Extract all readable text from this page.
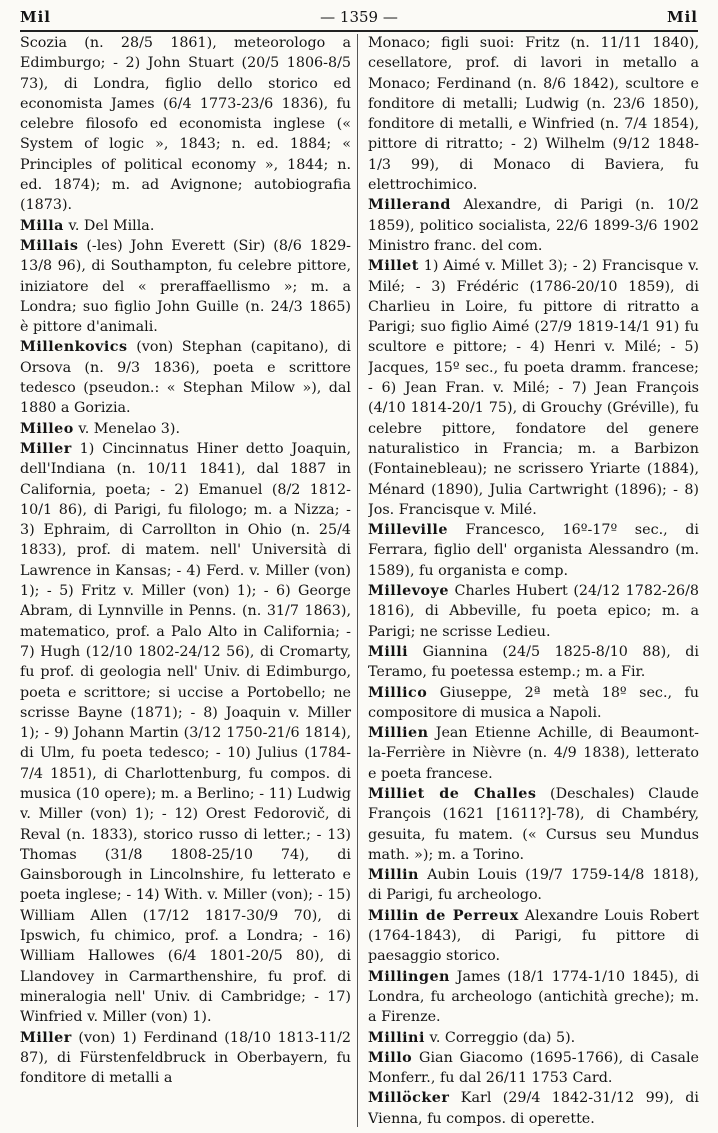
Mil	— 1359 —	Mil

Scozia (n. 28/5 1861), meteorologo a Edimburgo; - 2) John Stuart (20/5 1806-8/5 73), di Londra, figlio dello storico ed economista James (6/4 1773-23/6 1836), fu celebre filosofo ed economista inglese (« System of logic », 1843; n. ed. 1884; « Principles of political economy », 1844; n. ed. 1874); m. ad Avignone; autobiografia (1873).

Milla v. Del Milla.

Millais (-les) John Everett (Sir) (8/6 1829-13/8 96), di Southampton, fu celebre pittore, iniziatore del « preraffaellismo »; m. a Londra; suo figlio John Guille (n. 24/3 1865) è pittore d'animali.

Millenkovics (von) Stephan (capitano), di Orsova (n. 9/3 1836), poeta e scrittore tedesco (pseudon.: « Stephan Milow »), dal 1880 a Gorizia.

Milleo v. Menelao 3).

Miller 1) Cincinnatus Hiner detto Joaquin, dell'Indiana (n. 10/11 1841), dal 1887 in California, poeta; - 2) Emanuel (8/2 1812-10/1 86), di Parigi, fu filologo; m. a Nizza; - 3) Ephraim, di Carrollton in Ohio (n. 25/4 1833), prof. di matem. nell' Università di Lawrence in Kansas; - 4) Ferd. v. Miller (von) 1); - 5) Fritz v. Miller (von) 1); - 6) George Abram, di Lynnville in Penns. (n. 31/7 1863), matematico, prof. a Palo Alto in California; - 7) Hugh (12/10 1802-24/12 56), di Cromarty, fu prof. di geologia nell' Univ. di Edimburgo, poeta e scrittore; si uccise a Portobello; ne scrisse Bayne (1871); - 8) Joaquin v. Miller 1); - 9) Johann Martin (3/12 1750-21/6 1814), di Ulm, fu poeta tedesco; - 10) Julius (1784-7/4 1851), di Charlottenburg, fu compos. di musica (10 opere); m. a Berlino; - 11) Ludwig v. Miller (von) 1); - 12) Orest Fedorovič, di Reval (n. 1833), storico russo di letter.; - 13) Thomas (31/8 1808-25/10 74), di Gainsborough in Lincolnshire, fu letterato e poeta inglese; - 14) With. v. Miller (von); - 15) William Allen (17/12 1817-30/9 70), di Ipswich, fu chimico, prof. a Londra; - 16) William Hallowes (6/4 1801-20/5 80), di Llandovey in Carmarthenshire, fu prof. di mineralogia nell' Univ. di Cambridge; - 17) Winfried v. Miller (von) 1).

Miller (von) 1) Ferdinand (18/10 1813-11/2 87), di Fürstenfeldbruck in Oberbayern, fu fonditore di metalli a

Monaco; figli suoi: Fritz (n. 11/11 1840), cesellatore, prof. di lavori in metallo a Monaco; Ferdinand (n. 8/6 1842), scultore e fonditore di metalli; Ludwig (n. 23/6 1850), fonditore di metalli, e Winfried (n. 7/4 1854), pittore di ritratto; - 2) Wilhelm (9/12 1848-1/3 99), di Monaco di Baviera, fu elettrochimico.

Millerand Alexandre, di Parigi (n. 10/2 1859), politico socialista, 22/6 1899-3/6 1902 Ministro franc. del com.

Millet 1) Aimé v. Millet 3); - 2) Francisque v. Milé; - 3) Frédéric (1786-20/10 1859), di Charlieu in Loire, fu pittore di ritratto a Parigi; suo figlio Aimé (27/9 1819-14/1 91) fu scultore e pittore; - 4) Henri v. Milé; - 5) Jacques, 15º sec., fu poeta dramm. francese; - 6) Jean Fran. v. Milé; - 7) Jean François (4/10 1814-20/1 75), di Grouchy (Gréville), fu celebre pittore, fondatore del genere naturalistico in Francia; m. a Barbizon (Fontainebleau); ne scrissero Yriarte (1884), Ménard (1890), Julia Cartwright (1896); - 8) Jos. Francisque v. Milé.

Milleville Francesco, 16º-17º sec., di Ferrara, figlio dell' organista Alessandro (m. 1589), fu organista e comp.

Millevoye Charles Hubert (24/12 1782-26/8 1816), di Abbeville, fu poeta epico; m. a Parigi; ne scrisse Ledieu.

Milli Giannina (24/5 1825-8/10 88), di Teramo, fu poetessa estemp.; m. a Fir.

Millico Giuseppe, 2ª metà 18º sec., fu compositore di musica a Napoli.

Millien Jean Etienne Achille, di Beaumont-la-Ferrière in Nièvre (n. 4/9 1838), letterato e poeta francese.

Milliet de Challes (Deschales) Claude François (1621 [1611?]-78), di Chambéry, gesuita, fu matem. (« Cursus seu Mundus math. »); m. a Torino.

Millin Aubin Louis (19/7 1759-14/8 1818), di Parigi, fu archeologo.

Millin de Perreux Alexandre Louis Robert (1764-1843), di Parigi, fu pittore di paesaggio storico.

Millingen James (18/1 1774-1/10 1845), di Londra, fu archeologo (antichità greche); m. a Firenze.

Millini v. Correggio (da) 5).

Millo Gian Giacomo (1695-1766), di Casale Monferr., fu dal 26/11 1753 Card.

Millöcker Karl (29/4 1842-31/12 99), di Vienna, fu compos. di operette.
